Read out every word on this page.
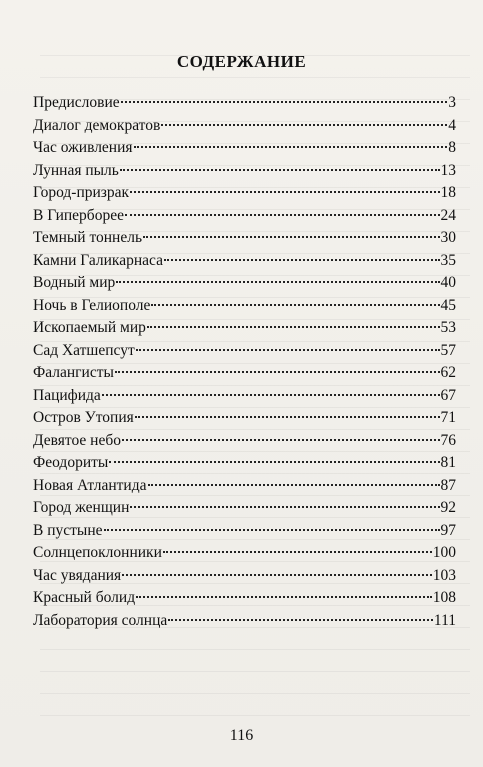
СОДЕРЖАНИЕ
Предисловие	3
Диалог демократов	4
Час оживления	8
Лунная пыль	13
Город-призрак	18
В Гиперборее	24
Темный тоннель	30
Камни Галикарнаса	35
Водный мир	40
Ночь в Гелиополе	45
Ископаемый мир	53
Сад Хатшепсут	57
Фалангисты	62
Пацифида	67
Остров Утопия	71
Девятое небо	76
Феодориты	81
Новая Атлантида	87
Город женщин	92
В пустыне	97
Солнцепоклонники	100
Час увядания	103
Красный болид	108
Лаборатория солнца	111
116
